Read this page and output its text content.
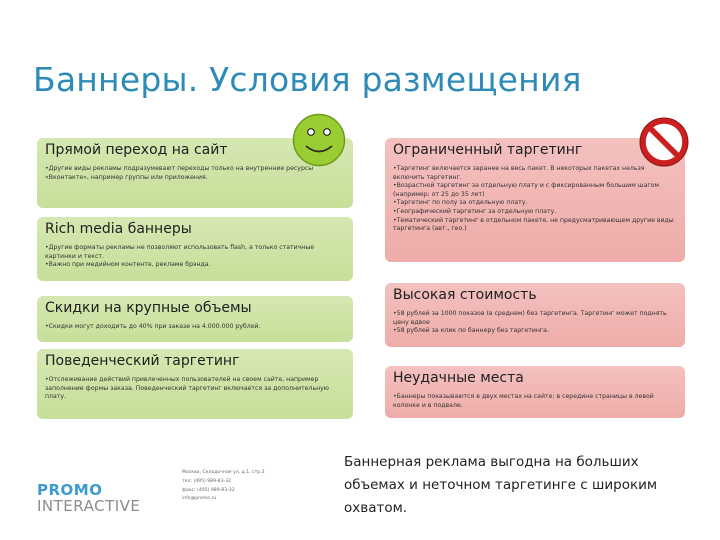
Баннеры. Условия размещения
Прямой переход на сайт
•Другие виды рекламы подразумевают переходы только на внутренние ресурсы «Вконтакте», например группы или приложения.
Rich media баннеры
•Другие форматы рекламы не позволяют использовать flash, а только статичные картинки и текст.
•Важно при медийном контенте, рекламе брэнда.
Скидки на крупные объемы
•Скидки могут доходить до 40% при заказе на 4.000.000 рублей.
Поведенческий таргетинг
•Отслеживание действий привлеченных пользователей на своем сайте, например заполнение формы заказа. Поведенческий таргетинг включается за дополнительную плату.
Ограниченный таргетинг
•Таргетинг включается заранее на весь пакет. В некоторых пакетах нельзя включить таргетинг.
•Возрастной таргетинг за отдельную плату и с фиксированным большим шагом (например: от 25 до 35 лет)
•Таргетинг по полу за отдельную плату.
•Географический таргетинг за отдельную плату.
•Тематический таргетинг в отдельном пакете, не предусматривающем другие виды таргетинга (авт., гео.)
Высокая стоимость
•58 рублей за 1000 показов (в среднем) без таргетинга. Таргетинг может поднять цену вдвое
•58 рублей за клик по баннеру без таргетинга.
Неудачные места
•Баннеры показываются в двух местах на сайте: в середине страницы в левой колонке и в подвале.
PROMO
INTERACTIVE
Москва, Складочная ул, д.1, стр.2
тел: (495) 989-83-32
факс: (495) 989-83-32
info@promo.ru
Баннерная реклама выгодна на больших объемах и неточном таргетинге с широким охватом.
